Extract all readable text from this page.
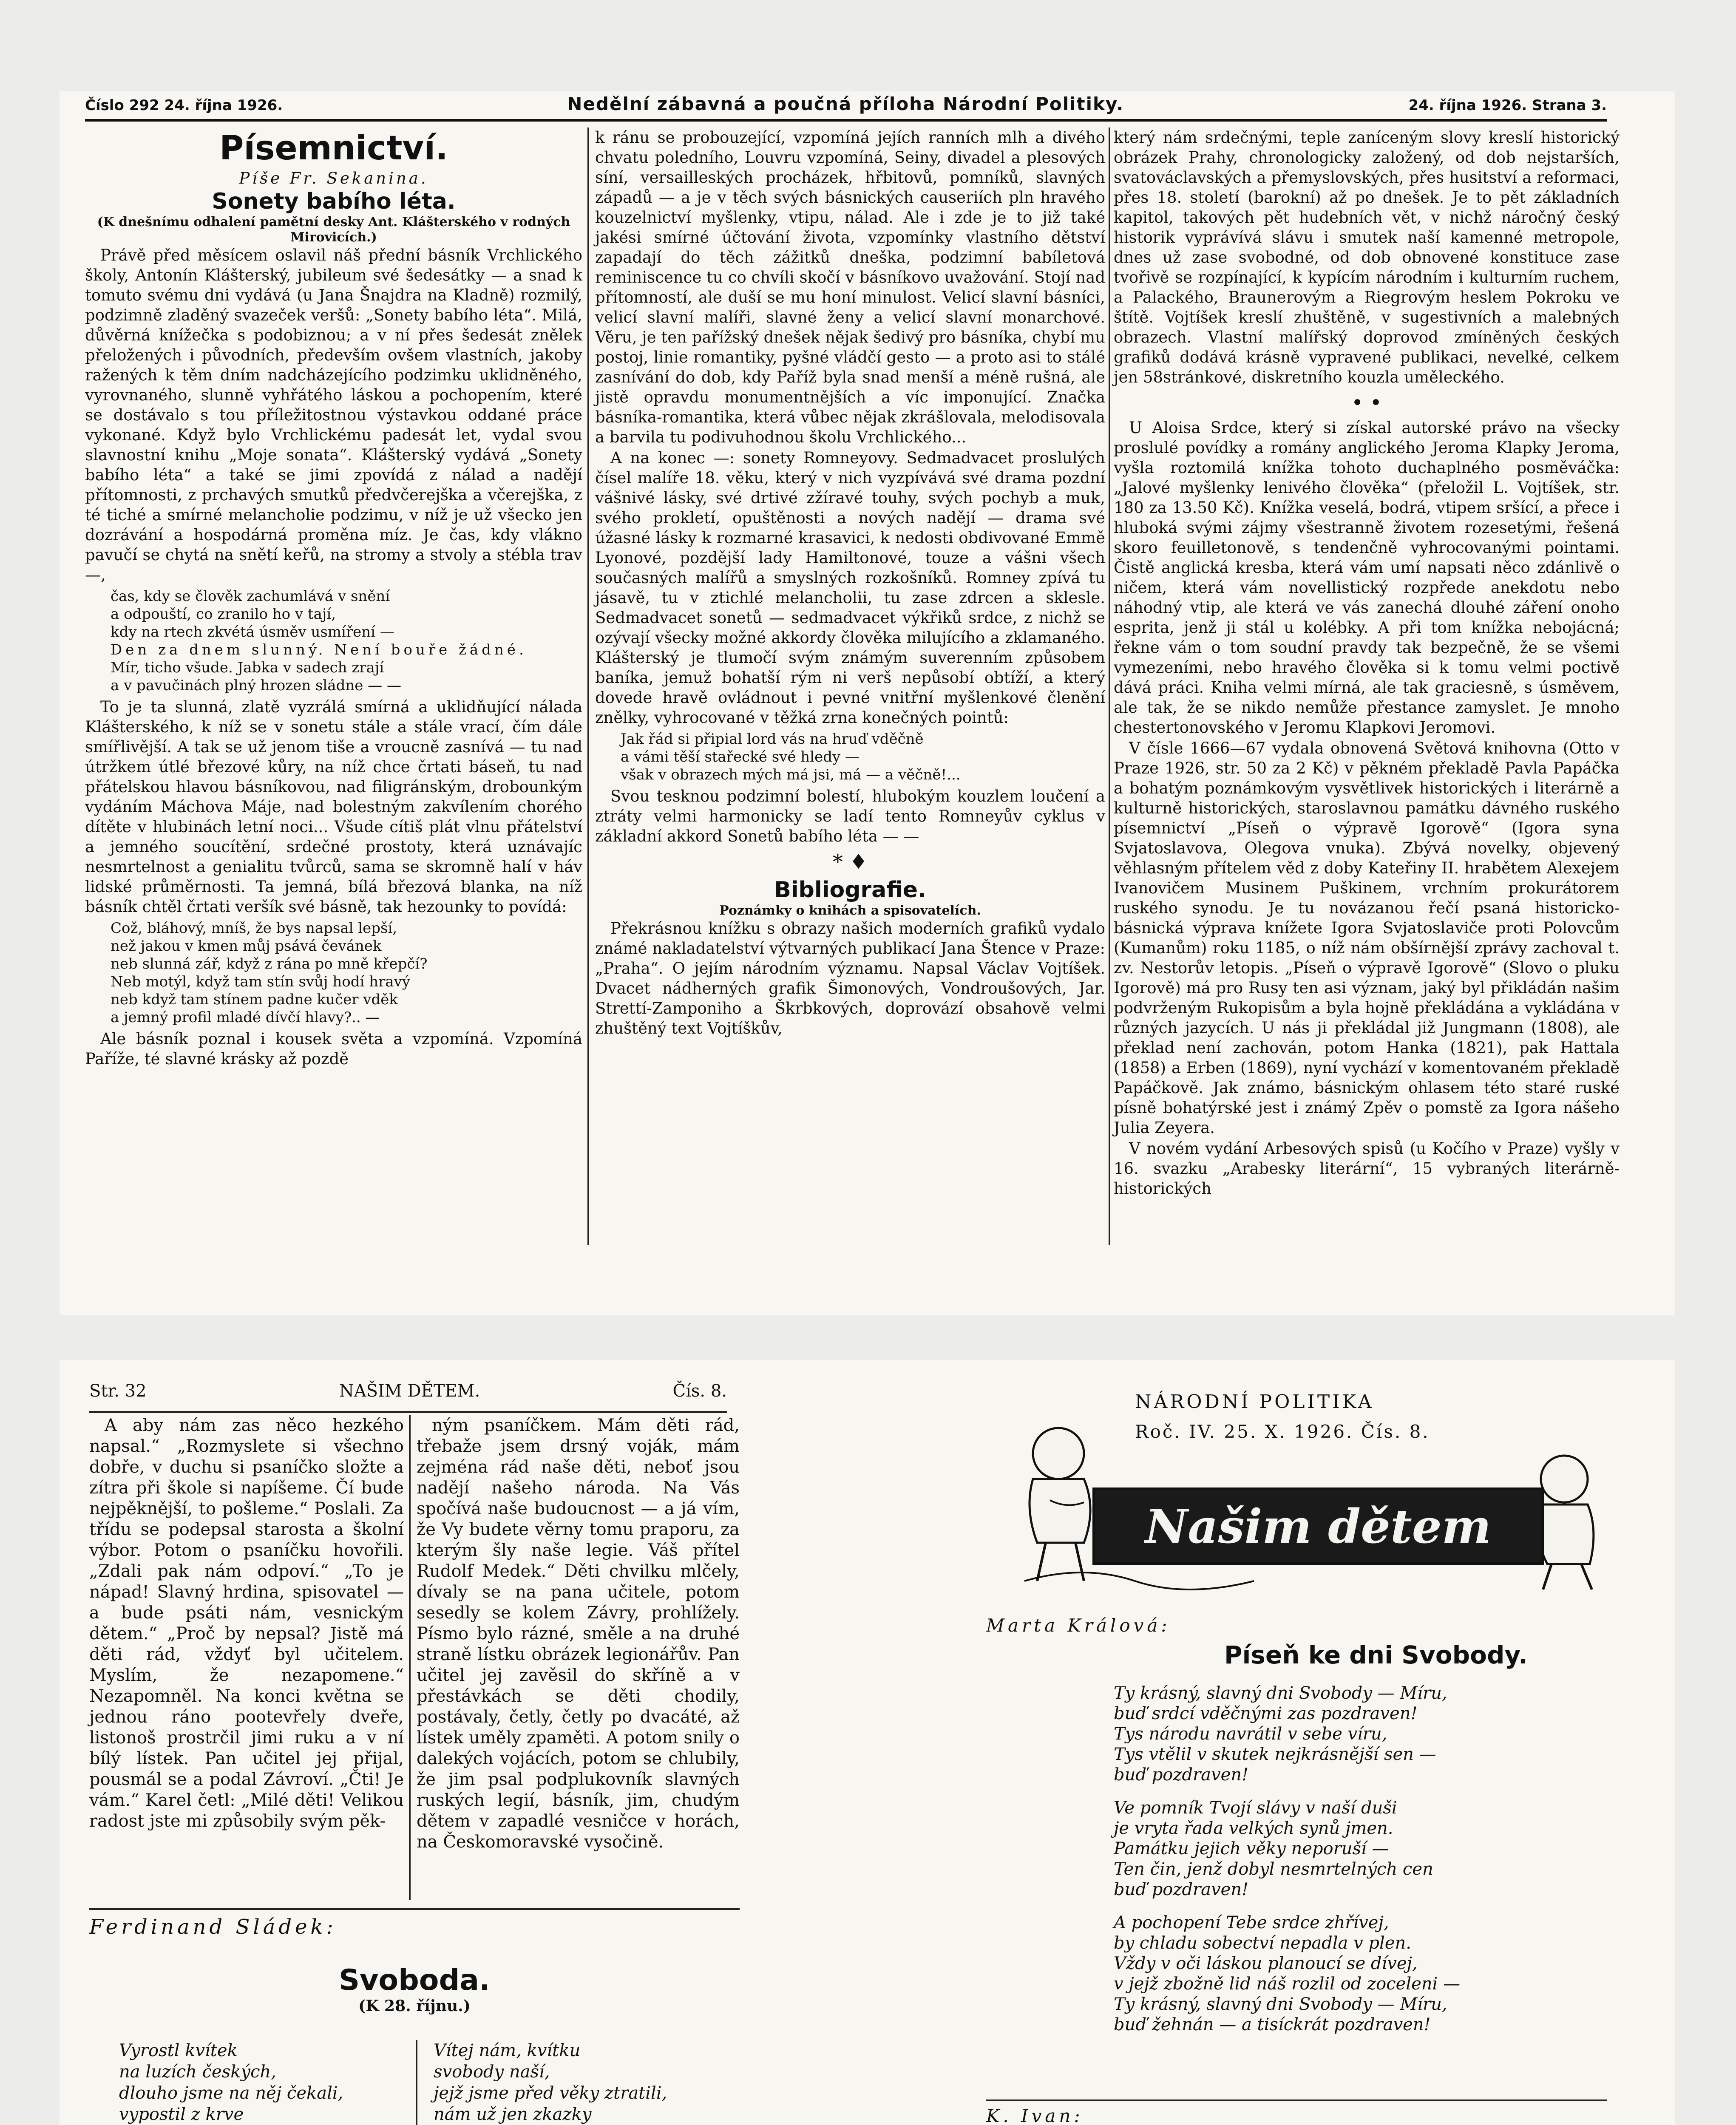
Číslo 292 24. října 1926.	Nedělní zábavná a poučná příloha Národní Politiky.	24. října 1926. Strana 3.
Písemnictví.
Píše Fr. Sekanina.
Sonety babího léta.
(K dnešnímu odhalení pamětní desky Ant. Klášterského v rodných Mirovicích.)

Právě před měsícem oslavil náš přední básník Vrchlického školy, Antonín Klášterský, jubileum své šedesátky — a snad k tomuto svému dni vydává (u Jana Šnajdra na Kladně) rozmilý, podzimně zladěný svazeček veršů: „Sonety babího léta“. Milá, důvěrná knížečka s podobiznou; a v ní přes šedesát znělek přeložených i původních, především ovšem vlastních, jakoby ražených k těm dním nadcházejícího podzimku uklidněného, vyrovnaného, slunně vyhřátého láskou a pochopením, které se dostávalo s tou příležitostnou výstavkou oddané práce vykonané. Když bylo Vrchlickému padesát let, vydal svou slavnostní knihu „Moje sonata“. Klášterský vydává „Sonety babího léta“ a také se jimi zpovídá z nálad a nadějí přítomnosti, z prchavých smutků předvčerejška a včerejška, z té tiché a smírné melancholie podzimu, v níž je už všecko jen dozrávání a hospodárná proměna míz. Je čas, kdy vlákno pavučí se chytá na snětí keřů, na stromy a stvoly a stébla trav —,

čas, kdy se člověk zachumlává v snění
a odpouští, co zranilo ho v tají,
kdy na rtech zkvétá úsměv usmíření —
Den za dnem slunný. Není bouře žádné.
Mír, ticho všude. Jabka v sadech zrají
a v pavučinách plný hrozen sládne — —

To je ta slunná, zlatě vyzrálá smírná a uklidňující nálada Klášterského, k níž se v sonetu stále a stále vrací, čím dále smířlivější. A tak se už jenom tiše a vroucně zasnívá — tu nad útržkem útlé březové kůry, na níž chce črtati báseň, tu nad přátelskou hlavou básníkovou, nad filigránským, drobounkým vydáním Máchova Máje, nad bolestným zakvílením chorého dítěte v hlubinách letní noci... Všude cítiš plát vlnu přátelství a jemného soucítění, srdečné prostoty, která uznávajíc nesmrtelnost a genialitu tvůrců, sama se skromně halí v háv lidské průměrnosti. Ta jemná, bílá březová blanka, na níž básník chtěl črtati veršík své básně, tak hezounky to povídá:

Což, bláhový, mníš, že bys napsal lepší,
než jakou v kmen můj psává čevánek
neb slunná zář, když z rána po mně křepčí?
Neb motýl, když tam stín svůj hodí hravý
neb když tam stínem padne kučer vděk
a jemný profil mladé dívčí hlavy?.. —

Ale básník poznal i kousek světa a vzpomíná. Vzpomíná Paříže, té slavné krásky až pozdě

k ránu se probouzející, vzpomíná jejích ranních mlh a divého chvatu poledního, Louvru vzpomíná, Seiny, divadel a plesových síní, versailleských procházek, hřbitovů, pomníků, slavných západů — a je v těch svých básnických causeriích pln hravého kouzelnictví myšlenky, vtipu, nálad. Ale i zde je to již také jakési smírné účtování života, vzpomínky vlastního dětství zapadají do těch zážitků dneška, podzimní babíletová reminiscence tu co chvíli skočí v básníkovo uvažování. Stojí nad přítomností, ale duší se mu honí minulost. Velicí slavní básníci, velicí slavní malíři, slavné ženy a velicí slavní monarchové. Věru, je ten pařížský dnešek nějak šedivý pro básníka, chybí mu postoj, linie romantiky, pyšné vládčí gesto — a proto asi to stálé zasnívání do dob, kdy Paříž byla snad menší a méně rušná, ale jistě opravdu monumentnějších a víc imponující. Značka básníka-romantika, která vůbec nějak zkrášlovala, melodisovala a barvila tu podivuhodnou školu Vrchlického...

A na konec —: sonety Romneyovy. Sedmadvacet proslulých čísel malíře 18. věku, který v nich vyzpívává své drama pozdní vášnivé lásky, své drtivé zžíravé touhy, svých pochyb a muk, svého prokletí, opuštěnosti a nových nadějí — drama své úžasné lásky k rozmarné krasavici, k nedosti obdivované Emmě Lyonové, pozdější lady Hamiltonové, touze a vášni všech současných malířů a smyslných rozkošníků. Romney zpívá tu jásavě, tu v ztichlé melancholii, tu zase zdrcen a sklesle. Sedmadvacet sonetů — sedmadvacet výkřiků srdce, z nichž se ozývají všecky možné akkordy člověka milujícího a zklamaného. Klášterský je tlumočí svým známým suverenním způsobem baníka, jemuž bohatší rým ni verš nepůsobí obtíží, a který dovede hravě ovládnout i pevné vnitřní myšlenkové členění znělky, vyhrocované v těžká zrna konečných pointů:

Jak řád si připial lord vás na hruď vděčně
a vámi těší stařecké své hledy —
však v obrazech mých má jsi, má — a věčně!...

Svou tesknou podzimní bolestí, hlubokým kouzlem loučení a ztráty velmi harmonicky se ladí tento Romneyův cyklus v základní akkord Sonetů babího léta — —

* ♦
Bibliografie.
Poznámky o knihách a spisovatelích.

Překrásnou knížku s obrazy našich moderních grafiků vydalo známé nakladatelství výtvarných publikací Jana Štence v Praze: „Praha“. O jejím národním významu. Napsal Václav Vojtíšek. Dvacet nádherných grafik Šimonových, Vondroušových, Jar. Strettí-Zamponiho a Škrbkových, doprovází obsahově velmi zhuštěný text Vojtíškův,

který nám srdečnými, teple zaníceným slovy kreslí historický obrázek Prahy, chronologicky založený, od dob nejstarších, svatováclavských a přemyslovských, přes husitství a reformaci, přes 18. století (barokní) až po dnešek. Je to pět základních kapitol, takových pět hudebních vět, v nichž náročný český historik vyprávívá slávu i smutek naší kamenné metropole, dnes už zase svobodné, od dob obnovené konstituce zase tvořivě se rozpínající, k kypícím národním i kulturním ruchem, a Palackého, Braunerovým a Riegrovým heslem Pokroku ve štítě. Vojtíšek kreslí zhuštěně, v sugestivních a malebných obrazech. Vlastní malířský doprovod zmíněných českých grafiků dodává krásně vypravené publikaci, nevelké, celkem jen 58stránkové, diskretního kouzla uměleckého.

• •

U Aloisa Srdce, který si získal autorské právo na všecky proslulé povídky a romány anglického Jeroma Klapky Jeroma, vyšla roztomilá knížka tohoto duchaplného posměváčka: „Jalové myšlenky lenivého člověka“ (přeložil L. Vojtíšek, str. 180 za 13.50 Kč). Knížka veselá, bodrá, vtipem sršící, a přece i hluboká svými zájmy všestranně životem rozesetými, řešená skoro feuilletonově, s tendenčně vyhrocovanými pointami. Čistě anglická kresba, která vám umí napsati něco zdánlivě o ničem, která vám novellistický rozpřede anekdotu nebo náhodný vtip, ale která ve vás zanechá dlouhé záření onoho esprita, jenž ji stál u kolébky. A při tom knížka nebojácná; řekne vám o tom soudní pravdy tak bezpečně, že se všemi vymezeními, nebo hravého člověka si k tomu velmi poctivě dává práci. Kniha velmi mírná, ale tak graciesně, s úsměvem, ale tak, že se nikdo nemůže přestance zamyslet. Je mnoho chestertonovského v Jeromu Klapkovi Jeromovi.

V čísle 1666—67 vydala obnovená Světová knihovna (Otto v Praze 1926, str. 50 za 2 Kč) v pěkném překladě Pavla Papáčka a bohatým poznámkovým vysvětlivek historických i literárně a kulturně historických, staroslavnou památku dávného ruského písemnictví „Píseň o výpravě Igorově“ (Igora syna Svjatoslavova, Olegova vnuka). Zbývá novelky, objevený věhlasným přítelem věd z doby Kateřiny II. hrabětem Alexejem Ivanovičem Musinem Puškinem, vrchním prokurátorem ruského synodu. Je tu novázanou řečí psaná historicko-básnická výprava knížete Igora Svjatoslaviče proti Polovcům (Kumanům) roku 1185, o níž nám obšírnější zprávy zachoval t. zv. Nestorův letopis. „Píseň o výpravě Igorově“ (Slovo o pluku Igorově) má pro Rusy ten asi význam, jaký byl přikládán našim podvrženým Rukopisům a byla hojně překládána a vykládána v různých jazycích. U nás ji překládal již Jungmann (1808), ale překlad není zachován, potom Hanka (1821), pak Hattala (1858) a Erben (1869), nyní vychází v komentovaném překladě Papáčkově. Jak známo, básnickým ohlasem této staré ruské písně bohatýrské jest i známý Zpěv o pomstě za Igora nášeho Julia Zeyera.

V novém vydání Arbesových spisů (u Kočího v Praze) vyšly v 16. svazku „Arabesky literární“, 15 vybraných literárně-historických

Str. 32	NAŠIM DĚTEM.	Čís. 8.

A aby nám zas něco hezkého napsal.“ „Rozmyslete si všechno dobře, v duchu si psaníčko složte a zítra při škole si napíšeme. Čí bude nejpěknější, to pošleme.“ Poslali. Za třídu se podepsal starosta a školní výbor. Potom o psaníčku hovořili. „Zdali pak nám odpoví.“ „To je nápad! Slavný hrdina, spisovatel — a bude psáti nám, vesnickým dětem.“ „Proč by nepsal? Jistě má děti rád, vždyť byl učitelem. Myslím, že nezapomene.“ Nezapomněl. Na konci května se jednou ráno pootevřely dveře, listonoš prostrčil jimi ruku a v ní bílý lístek. Pan učitel jej přijal, pousmál se a podal Závroví. „Čti! Je vám.“ Karel četl: „Milé děti! Velikou radost jste mi způsobily svým pěk-

ným psaníčkem. Mám děti rád, třebaže jsem drsný voják, mám zejména rád naše děti, neboť jsou nadějí našeho národa. Na Vás spočívá naše budoucnost — a já vím, že Vy budete věrny tomu praporu, za kterým šly naše legie. Váš přítel Rudolf Medek.“ Děti chvilku mlčely, dívaly se na pana učitele, potom sesedly se kolem Závry, prohlížely. Písmo bylo rázné, směle a na druhé straně lístku obrázek legionářův. Pan učitel jej zavěsil do skříně a v přestávkách se děti chodily, postávaly, četly, četly po dvacáté, až lístek uměly zpaměti. A potom snily o dalekých vojácích, potom se chlubily, že jim psal podplukovník slavných ruských legií, básník, jim, chudým dětem v zapadlé vesničce v horách, na Českomoravské vysočině.

Ferdinand Sládek:
Svoboda.
(K 28. říjnu.)
Vyrostl kvítek
na luzích českých,
dlouho jsme na něj čekali,
vypostil z krve
Vítej nám, kvítku
svobody naší,
jejž jsme před věky ztratili,
nám už jen zkazky
NÁRODNÍ POLITIKA
Roč. IV. 25. X. 1926. Čís. 8.
Našim dětem
Marta Králová:
Píseň ke dni Svobody.
Ty krásný, slavný dni Svobody — Míru,
buď srdcí vděčnými zas pozdraven!
Tys národu navrátil v sebe víru,
Tys vtělil v skutek nejkrásnější sen —
buď pozdraven!
Ve pomník Tvojí slávy v naší duši
je vryta řada velkých synů jmen.
Památku jejich věky neporuší —
Ten čin, jenž dobyl nesmrtelných cen
buď pozdraven!
A pochopení Tebe srdce zhřívej,
by chladu sobectví nepadla v plen.
Vždy v oči láskou planoucí se dívej,
v jejž zbožně lid náš rozlil od zoceleni —
Ty krásný, slavný dni Svobody — Míru,
buď žehnán — a tisíckrát pozdraven!
K. Ivan:
